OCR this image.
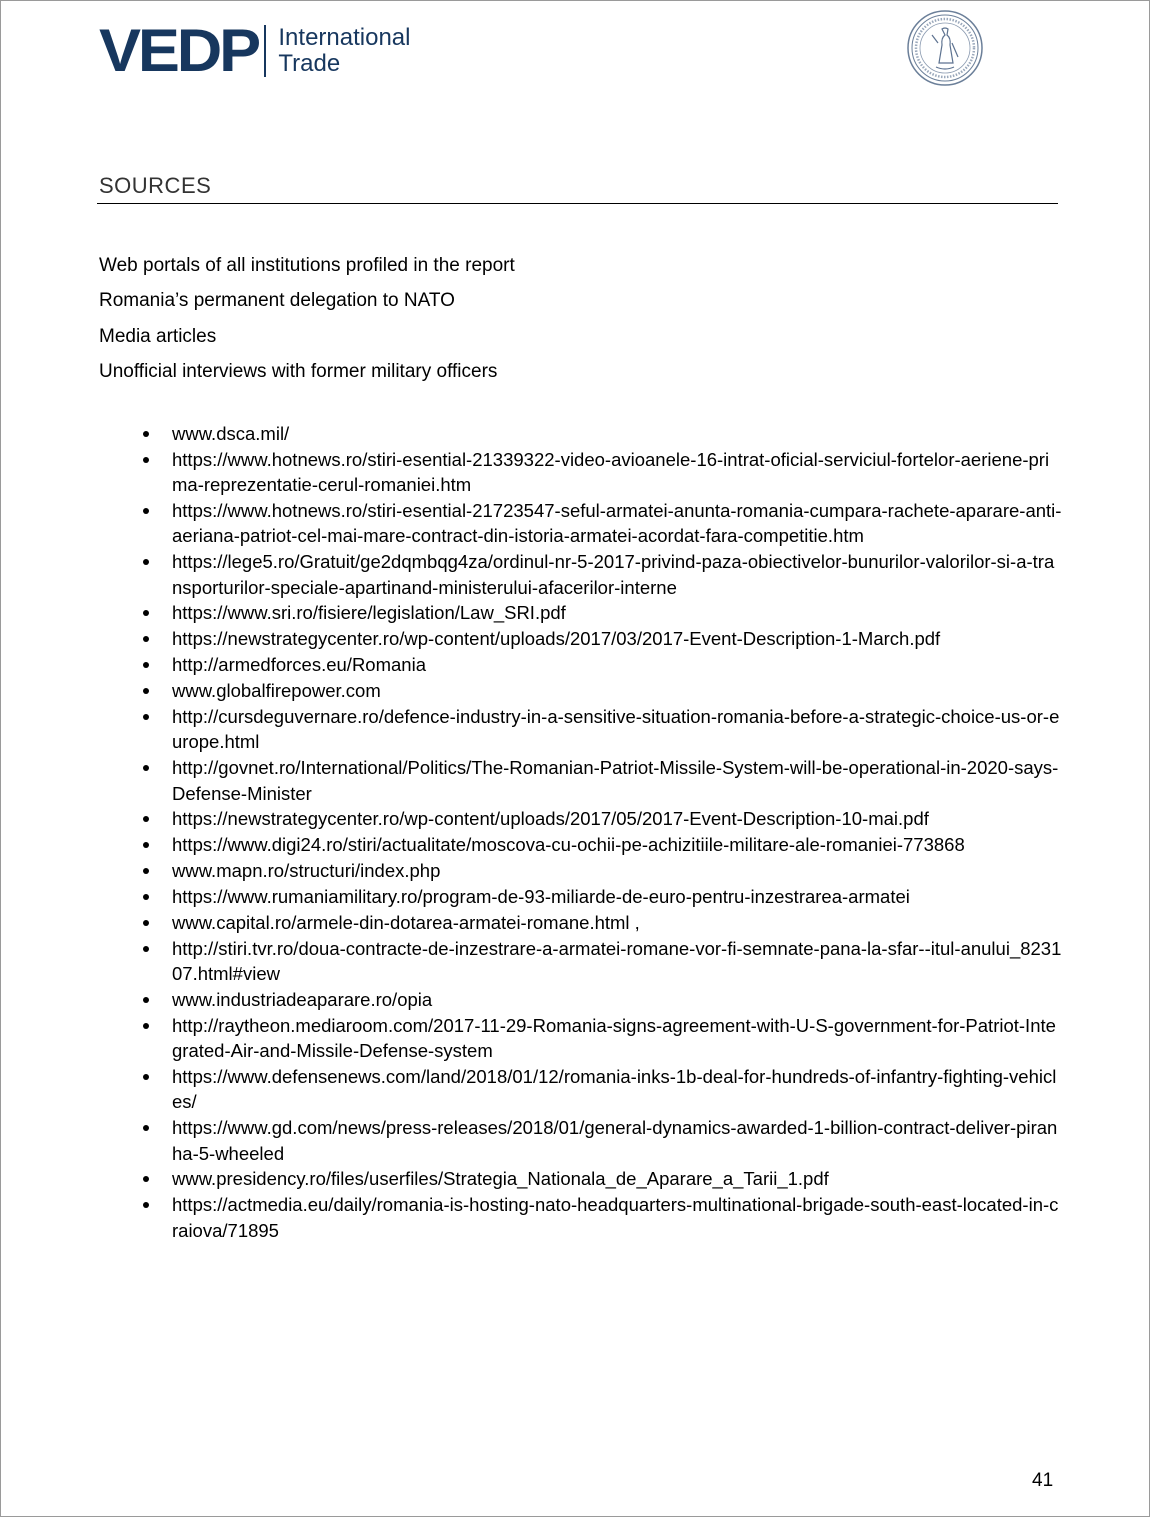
VEDP International
Trade
SOURCES
Web portals of all institutions profiled in the report
Romania’s permanent delegation to NATO
Media articles
Unofficial interviews with former military officers
www.dsca.mil/
https://www.hotnews.ro/stiri-esential-21339322-video-avioanele-16-intrat-oficial-serviciul-fortelor-aeriene-prima-reprezentatie-cerul-romaniei.htm
https://www.hotnews.ro/stiri-esential-21723547-seful-armatei-anunta-romania-cumpara-rachete-aparare-anti-aeriana-patriot-cel-mai-mare-contract-din-istoria-armatei-acordat-fara-competitie.htm
https://lege5.ro/Gratuit/ge2dqmbqg4za/ordinul-nr-5-2017-privind-paza-obiectivelor-bunurilor-valorilor-si-a-transporturilor-speciale-apartinand-ministerului-afacerilor-interne
https://www.sri.ro/fisiere/legislation/Law_SRI.pdf
https://newstrategycenter.ro/wp-content/uploads/2017/03/2017-Event-Description-1-March.pdf
http://armedforces.eu/Romania
www.globalfirepower.com
http://cursdeguvernare.ro/defence-industry-in-a-sensitive-situation-romania-before-a-strategic-choice-us-or-europe.html
http://govnet.ro/International/Politics/The-Romanian-Patriot-Missile-System-will-be-operational-in-2020-says-Defense-Minister
https://newstrategycenter.ro/wp-content/uploads/2017/05/2017-Event-Description-10-mai.pdf
https://www.digi24.ro/stiri/actualitate/moscova-cu-ochii-pe-achizitiile-militare-ale-romaniei-773868
www.mapn.ro/structuri/index.php
https://www.rumaniamilitary.ro/program-de-93-miliarde-de-euro-pentru-inzestrarea-armatei
www.capital.ro/armele-din-dotarea-armatei-romane.html ,
http://stiri.tvr.ro/doua-contracte-de-inzestrare-a-armatei-romane-vor-fi-semnate-pana-la-sfar--itul-anului_823107.html#view
www.industriadeaparare.ro/opia
http://raytheon.mediaroom.com/2017-11-29-Romania-signs-agreement-with-U-S-government-for-Patriot-Integrated-Air-and-Missile-Defense-system
https://www.defensenews.com/land/2018/01/12/romania-inks-1b-deal-for-hundreds-of-infantry-fighting-vehicles/
https://www.gd.com/news/press-releases/2018/01/general-dynamics-awarded-1-billion-contract-deliver-piranha-5-wheeled
www.presidency.ro/files/userfiles/Strategia_Nationala_de_Aparare_a_Tarii_1.pdf
https://actmedia.eu/daily/romania-is-hosting-nato-headquarters-multinational-brigade-south-east-located-in-craiova/71895
41
